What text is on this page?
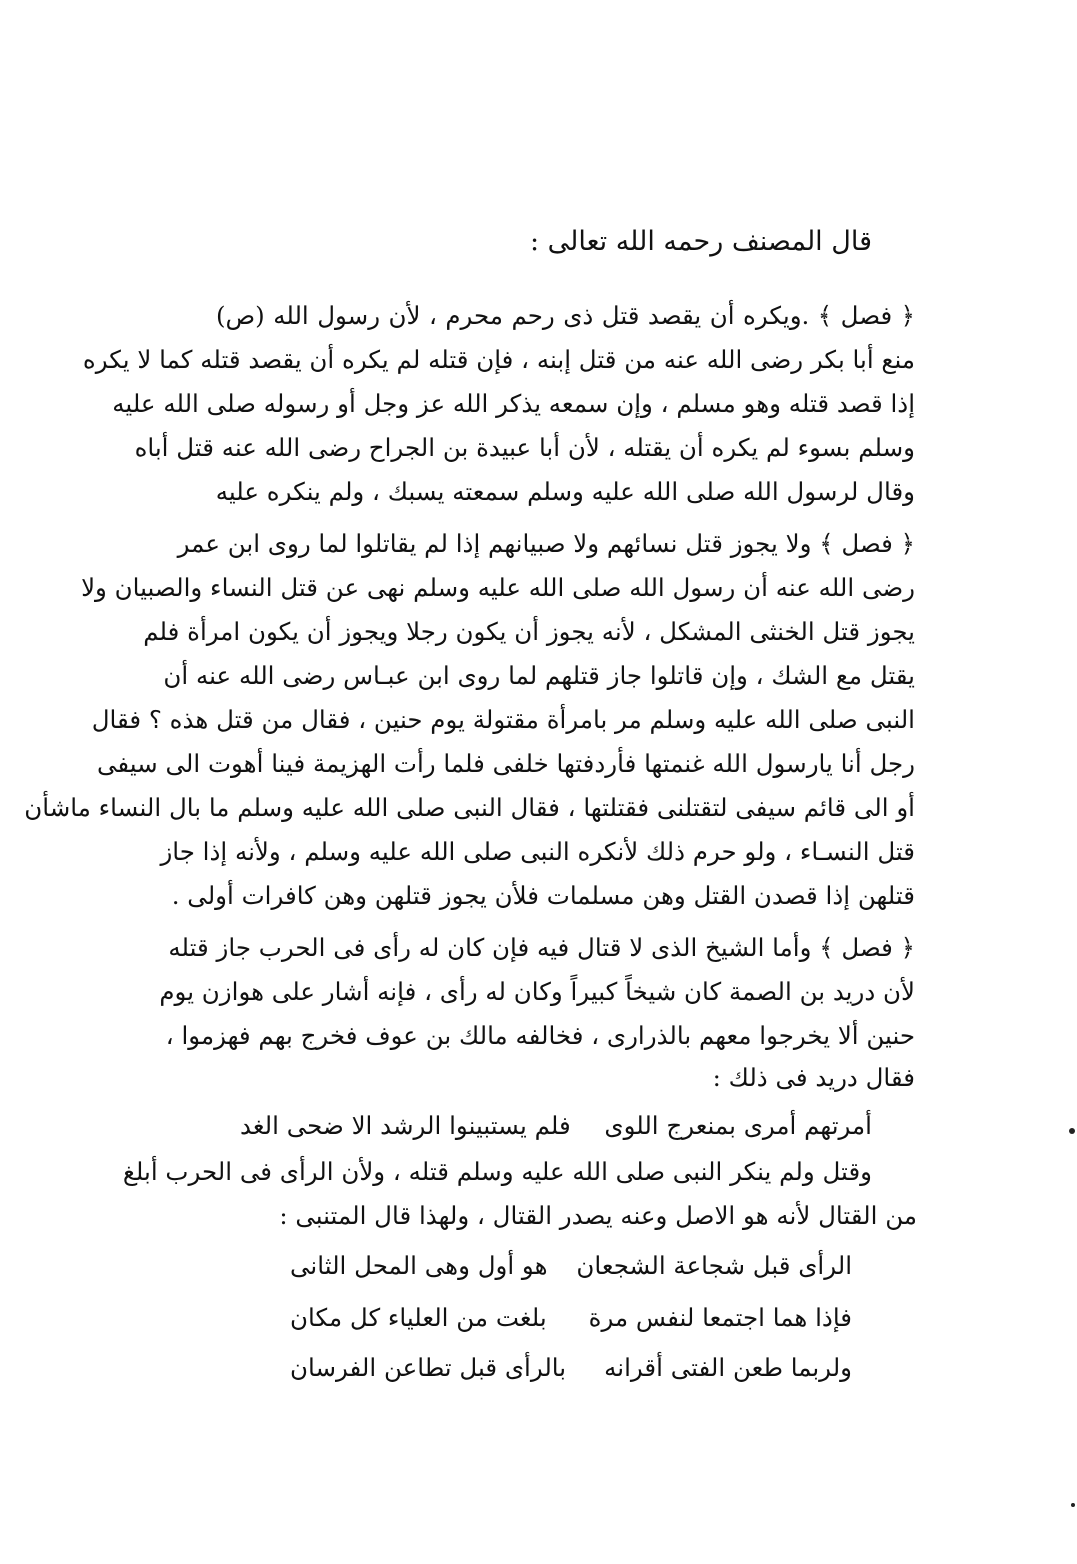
قال المصنف رحمه الله تعالى :
﴿ فصل ﴾ .ويكره أن يقصد قتل ذى رحم محرم ، لأن رسول الله (ص)
منع أبا بكر رضى الله عنه من قتل إبنه ، فإن قتله لم يكره أن يقصد قتله كما لا يكره
إذا قصد قتله وهو مسلم ، وإن سمعه يذكر الله عز وجل أو رسوله صلى الله عليه
وسلم بسوء لم يكره أن يقتله ، لأن أبا عبيدة بن الجراح رضى الله عنه قتل أباه
وقال لرسول الله صلى الله عليه وسلم سمعته يسبك ، ولم ينكره عليه
﴿ فصل ﴾ ولا يجوز قتل نسائهم ولا صبيانهم إذا لم يقاتلوا لما روى ابن عمر
رضى الله عنه أن رسول الله صلى الله عليه وسلم نهى عن قتل النساء والصبيان ولا
يجوز قتل الخنثى المشكل ، لأنه يجوز أن يكون رجلا ويجوز أن يكون امرأة فلم
يقتل مع الشك ، وإن قاتلوا جاز قتلهم لما روى ابن عبـاس رضى الله عنه أن
النبى صلى الله عليه وسلم مر بامرأة مقتولة يوم حنين ، فقال من قتل هذه ؟ فقال
رجل أنا يارسول الله غنمتها فأردفتها خلفى فلما رأت الهزيمة فينا أهوت الى سيفى
أو الى قائم سيفى لتقتلنى فقتلتها ، فقال النبى صلى الله عليه وسلم ما بال النساء ماشأن
قتل النسـاء ، ولو حرم ذلك لأنكره النبى صلى الله عليه وسلم ، ولأنه إذا جاز
قتلهن إذا قصدن القتل وهن مسلمات فلأن يجوز قتلهن وهن كافرات أولى .
﴿ فصل ﴾ وأما الشيخ الذى لا قتال فيه فإن كان له رأى فى الحرب جاز قتله
لأن دريد بن الصمة كان شيخاً كبيراً وكان له رأى ، فإنه أشار على هوازن يوم
حنين ألا يخرجوا معهم بالذرارى ، فخالفه مالك بن عوف فخرج بهم فهزموا ،
فقال دريد فى ذلك :
أمرتهم أمرى بمنعرج اللوى
فلم يستبينوا الرشد الا ضحى الغد
وقتل ولم ينكر النبى صلى الله عليه وسلم قتله ، ولأن الرأى فى الحرب أبلغ
من القتال لأنه هو الاصل وعنه يصدر القتال ، ولهذا قال المتنبى :
الرأى قبل شجاعة الشجعان
هو أول وهى المحل الثانى
فإذا هما اجتمعا لنفس مرة
بلغت من العلياء كل مكان
ولربما طعن الفتى أقرانه
بالرأى قبل تطاعن الفرسان
